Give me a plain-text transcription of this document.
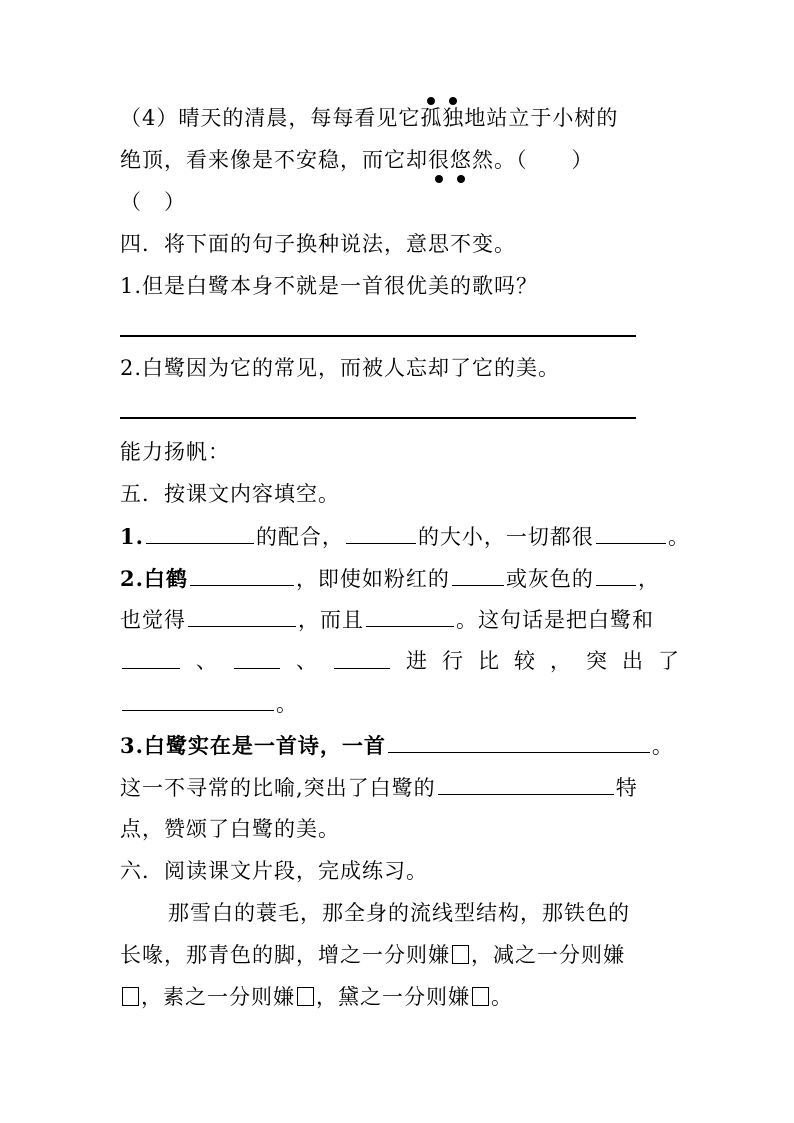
（4）晴天的清晨，每每看见它孤独地站立于小树的
绝顶，看来像是不安稳，而它却很悠然。（　　）
（　）
四．将下面的句子换种说法，意思不变。
1.但是白鹭本身不就是一首很优美的歌吗？
2.白鹭因为它的常见，而被人忘却了它的美。
能力扬帆：
五．按课文内容填空。
1.	的配合，	的大小，一切都很	。
2.白鹤	，即使如粉红的	或灰色的 ，
也觉得	，而且	。这句话是把白鹭和
、	、	进 行 比 较 ， 突 出 了
。
3.白鹭实在是一首诗，一首	。
这一不寻常的比喻,突出了白鹭的	特
点，赞颂了白鹭的美。
六．阅读课文片段，完成练习。
那雪白的蓑毛，那全身的流线型结构，那铁色的
长喙，那青色的脚，增之一分则嫌 ，减之一分则嫌
，素之一分则嫌 ，黛之一分则嫌 。
